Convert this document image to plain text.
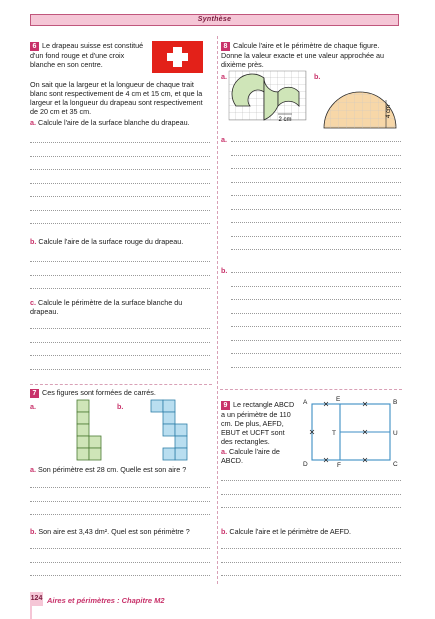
Synthèse
6 Le drapeau suisse est constitué d'un fond rouge et d'une croix blanche en son centre.
On sait que la largeur et la longueur de chaque trait blanc sont respectivement de 4 cm et 15 cm, et que la largeur et la longueur du drapeau sont respectivement de 20 cm et 35 cm.
a. Calcule l'aire de la surface blanche du drapeau.
b. Calcule l'aire de la surface rouge du drapeau.
c. Calcule le périmètre de la surface blanche du drapeau.
7 Ces figures sont formées de carrés.
a.	b.
a. Son périmètre est 28 cm. Quelle est son aire ?
b. Son aire est 3,43 dm². Quel est son périmètre ?
8 Calcule l'aire et le périmètre de chaque figure. Donne la valeur exacte et une valeur approchée au dixième près.
a.	b.
2 cm
4 cm
a.
b.
9 Le rectangle ABCD a un périmètre de 110 cm. De plus, AEFD, EBUT et UCFT sont des rectangles.
a. Calcule l'aire de ABCD.
A	E	B
T	U
D	F	C
b. Calcule l'aire et le périmètre de AEFD.
124 Aires et périmètres : Chapitre M2
